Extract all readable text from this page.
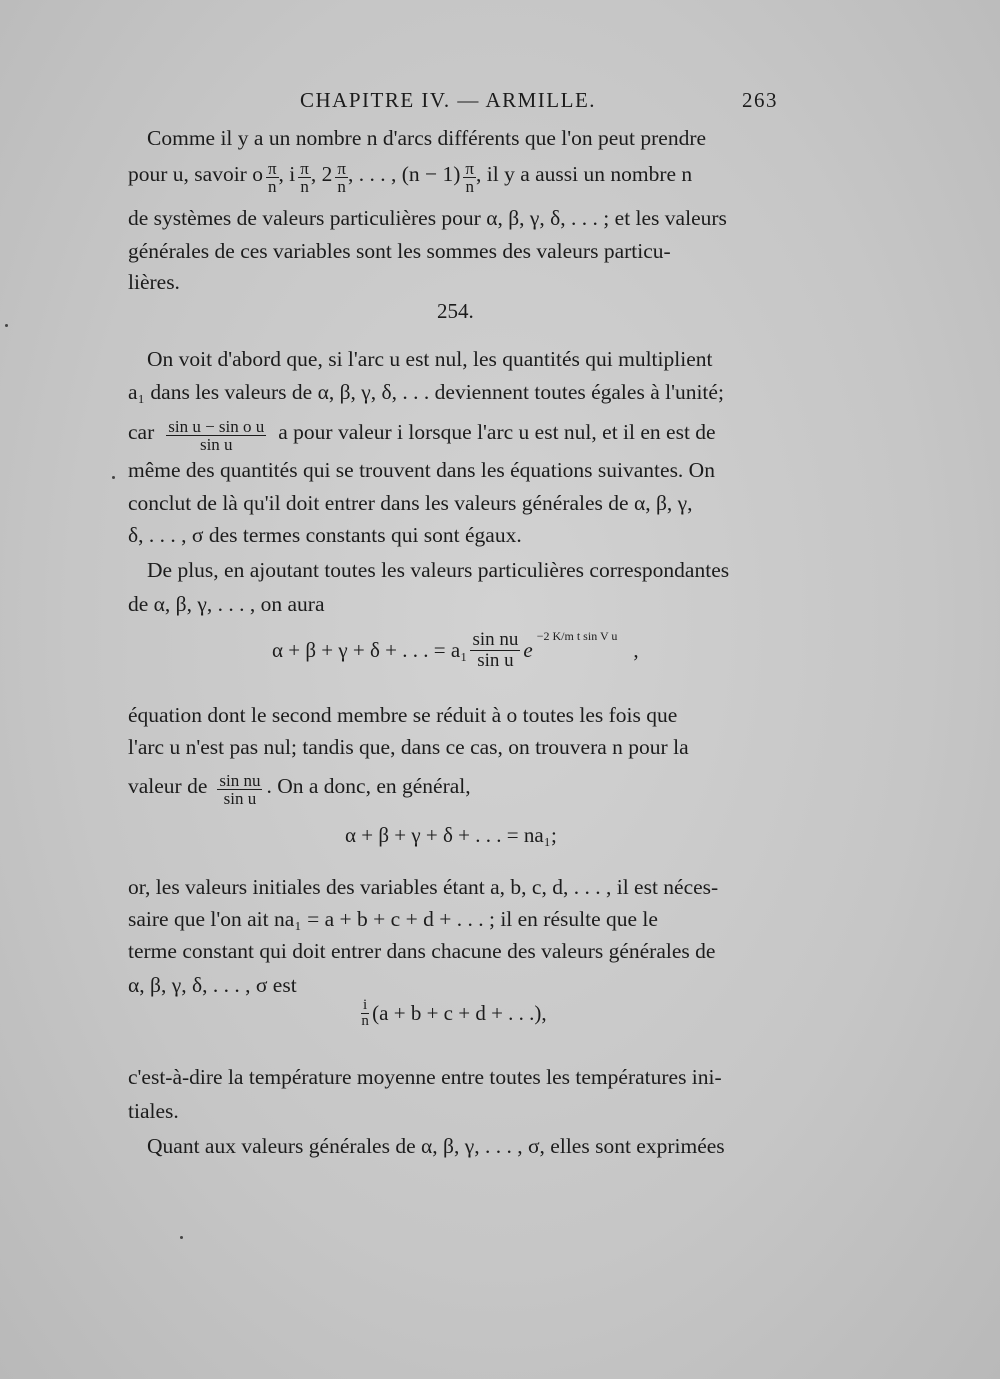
CHAPITRE IV. — ARMILLE.	263
Comme il y a un nombre n d'arcs différents que l'on peut prendre
pour u, savoir o $\frac{\pi}{n}$ , i $\frac{\pi}{n}$ , $2 \frac{\pi}{n}$ , . . . , $(n - 1) \frac{\pi}{n}$ , il y a aussi un nombre n
de systèmes de valeurs particulières pour α, β, γ, δ, . . . ; et les valeurs
générales de ces variables sont les sommes des valeurs particu-
lières.
254.
On voit d'abord que, si l'arc u est nul, les quantités qui multiplient
a₁ dans les valeurs de α, β, γ, δ, . . . deviennent toutes égales à l'unité;
car $\frac{\text{sin u − sin o u}}{\text{sin u}}$ a pour valeur i lorsque l'arc u est nul, et il en est de
même des quantités qui se trouvent dans les équations suivantes. On
conclut de là qu'il doit entrer dans les valeurs générales de α, β, γ,
δ, . . . , σ des termes constants qui sont égaux.
De plus, en ajoutant toutes les valeurs particulières correspondantes
de α, β, γ, . . . , on aura
α + β + γ + δ + . . . = $a_1 \frac{\text{sin nu}}{\text{sin u}}$ e
−2 K/m t sin V u
,
équation dont le second membre se réduit à o toutes les fois que
l'arc u n'est pas nul; tandis que, dans ce cas, on trouvera n pour la
valeur de $\frac{\text{sin nu}}{\text{sin u}}$ . On a donc, en général,
α + β + γ + δ + . . . = na₁;
or, les valeurs initiales des variables étant a, b, c, d, . . . , il est néces-
saire que l'on ait na₁ = a + b + c + d + . . . ; il en résulte que le
terme constant qui doit entrer dans chacune des valeurs générales de
α, β, γ, δ, . . . , σ est
$\frac{i}{n} (a + b + c + d$ + . . .),
c'est-à-dire la température moyenne entre toutes les températures ini-
tiales.
Quant aux valeurs générales de α, β, γ, . . . , σ, elles sont exprimées
